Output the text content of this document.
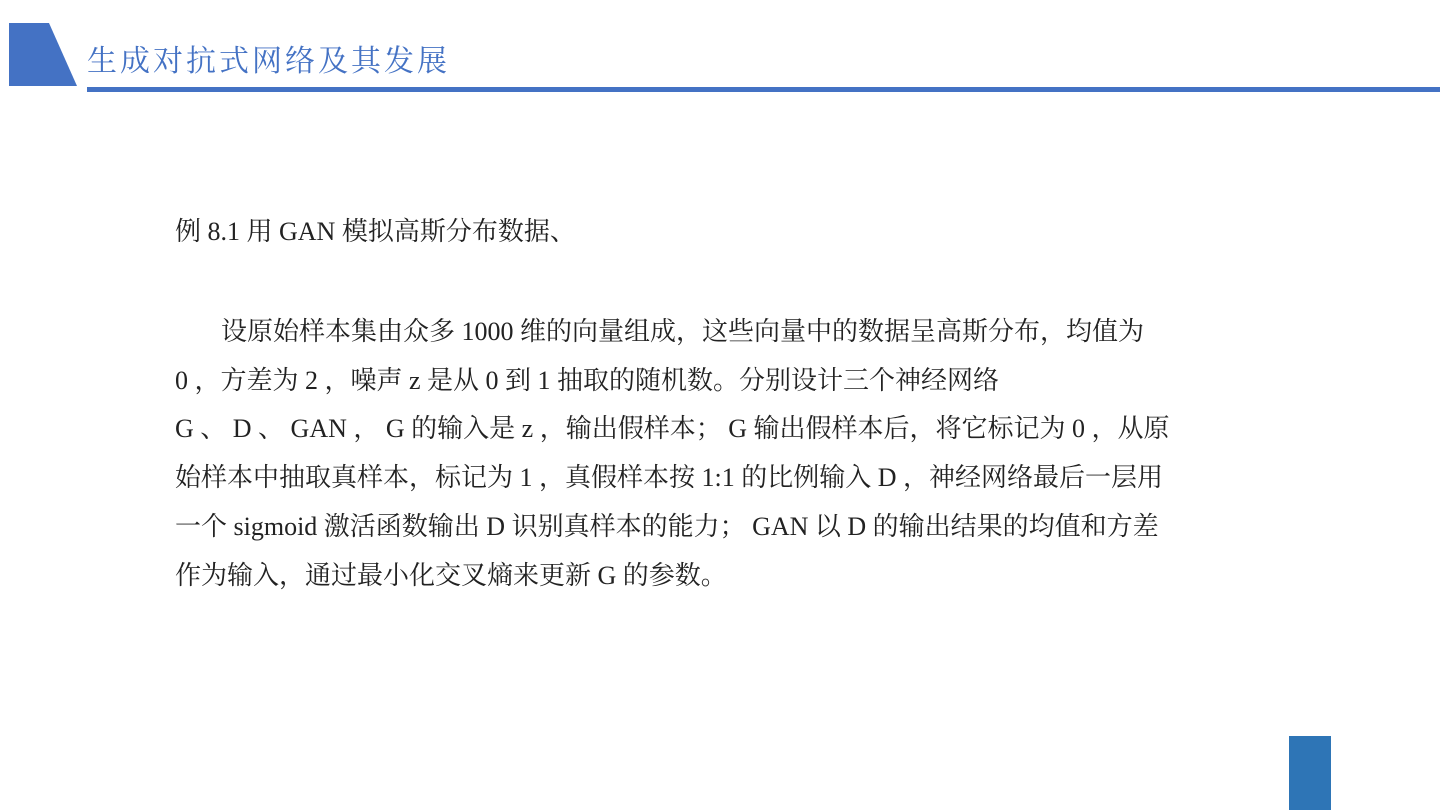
生成对抗式网络及其发展
例 8.1 用 GAN 模拟高斯分布数据、
设原始样本集由众多 1000 维的向量组成，这些向量中的数据呈高斯分布，均值为
0 ，方差为 2 ，噪声 z 是从 0 到 1 抽取的随机数。分别设计三个神经网络
G 、 D 、 GAN ， G 的输入是 z ，输出假样本； G 输出假样本后，将它标记为 0 ，从原
始样本中抽取真样本，标记为 1 ，真假样本按 1:1 的比例输入 D ，神经网络最后一层用
一个 sigmoid 激活函数输出 D 识别真样本的能力； GAN 以 D 的输出结果的均值和方差
作为输入，通过最小化交叉熵来更新 G 的参数。
